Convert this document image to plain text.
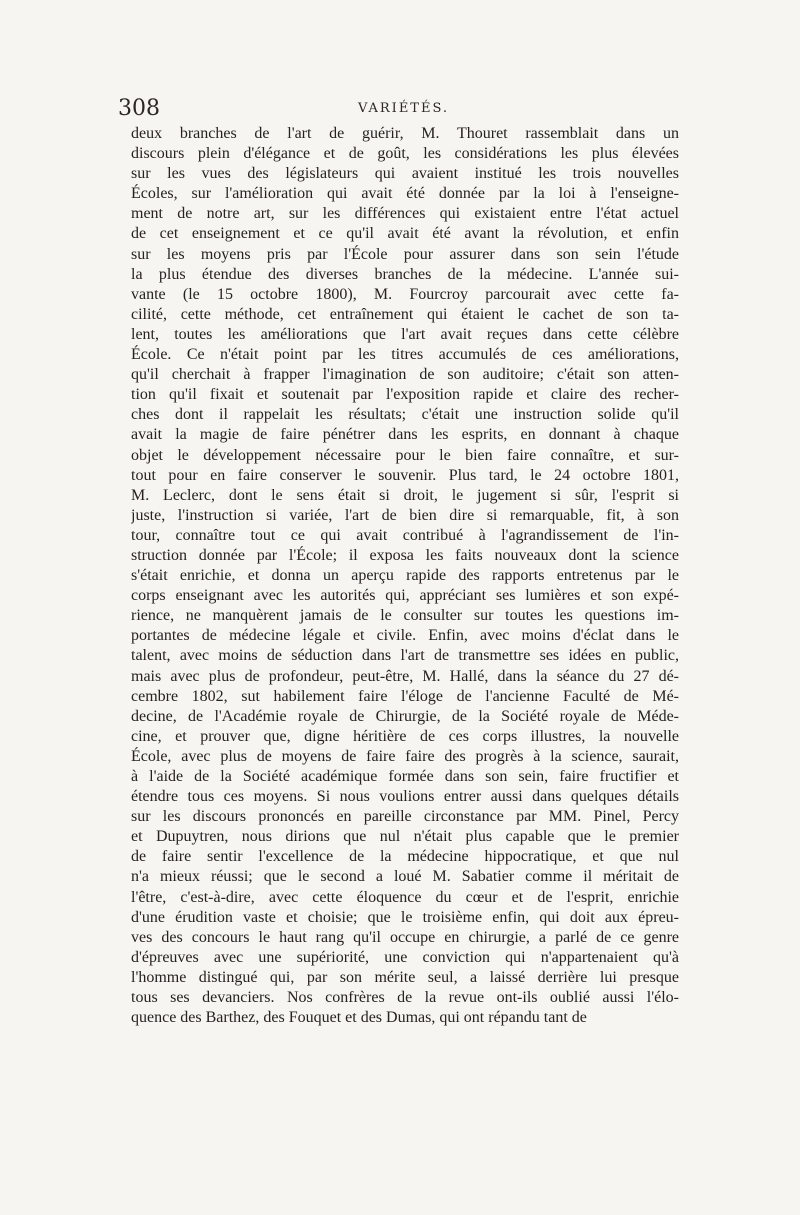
308	VARIÉTÉS.
deux branches de l'art de guérir, M. Thouret rassemblait dans un
discours plein d'élégance et de goût, les considérations les plus élevées
sur les vues des législateurs qui avaient institué les trois nouvelles
Écoles, sur l'amélioration qui avait été donnée par la loi à l'enseigne-
ment de notre art, sur les différences qui existaient entre l'état actuel
de cet enseignement et ce qu'il avait été avant la révolution, et enfin
sur les moyens pris par l'École pour assurer dans son sein l'étude
la plus étendue des diverses branches de la médecine. L'année sui-
vante (le 15 octobre 1800), M. Fourcroy parcourait avec cette fa-
cilité, cette méthode, cet entraînement qui étaient le cachet de son ta-
lent, toutes les améliorations que l'art avait reçues dans cette célèbre
École. Ce n'était point par les titres accumulés de ces améliorations,
qu'il cherchait à frapper l'imagination de son auditoire; c'était son atten-
tion qu'il fixait et soutenait par l'exposition rapide et claire des recher-
ches dont il rappelait les résultats; c'était une instruction solide qu'il
avait la magie de faire pénétrer dans les esprits, en donnant à chaque
objet le développement nécessaire pour le bien faire connaître, et sur-
tout pour en faire conserver le souvenir. Plus tard, le 24 octobre 1801,
M. Leclerc, dont le sens était si droit, le jugement si sûr, l'esprit si
juste, l'instruction si variée, l'art de bien dire si remarquable, fit, à son
tour, connaître tout ce qui avait contribué à l'agrandissement de l'in-
struction donnée par l'École; il exposa les faits nouveaux dont la science
s'était enrichie, et donna un aperçu rapide des rapports entretenus par le
corps enseignant avec les autorités qui, appréciant ses lumières et son expé-
rience, ne manquèrent jamais de le consulter sur toutes les questions im-
portantes de médecine légale et civile. Enfin, avec moins d'éclat dans le
talent, avec moins de séduction dans l'art de transmettre ses idées en public,
mais avec plus de profondeur, peut-être, M. Hallé, dans la séance du 27 dé-
cembre 1802, sut habilement faire l'éloge de l'ancienne Faculté de Mé-
decine, de l'Académie royale de Chirurgie, de la Société royale de Méde-
cine, et prouver que, digne héritière de ces corps illustres, la nouvelle
École, avec plus de moyens de faire faire des progrès à la science, saurait,
à l'aide de la Société académique formée dans son sein, faire fructifier et
étendre tous ces moyens. Si nous voulions entrer aussi dans quelques détails
sur les discours prononcés en pareille circonstance par MM. Pinel, Percy
et Dupuytren, nous dirions que nul n'était plus capable que le premier
de faire sentir l'excellence de la médecine hippocratique, et que nul
n'a mieux réussi; que le second a loué M. Sabatier comme il méritait de
l'être, c'est-à-dire, avec cette éloquence du cœur et de l'esprit, enrichie
d'une érudition vaste et choisie; que le troisième enfin, qui doit aux épreu-
ves des concours le haut rang qu'il occupe en chirurgie, a parlé de ce genre
d'épreuves avec une supériorité, une conviction qui n'appartenaient qu'à
l'homme distingué qui, par son mérite seul, a laissé derrière lui presque
tous ses devanciers. Nos confrères de la revue ont-ils oublié aussi l'élo-
quence des Barthez, des Fouquet et des Dumas, qui ont répandu tant de
